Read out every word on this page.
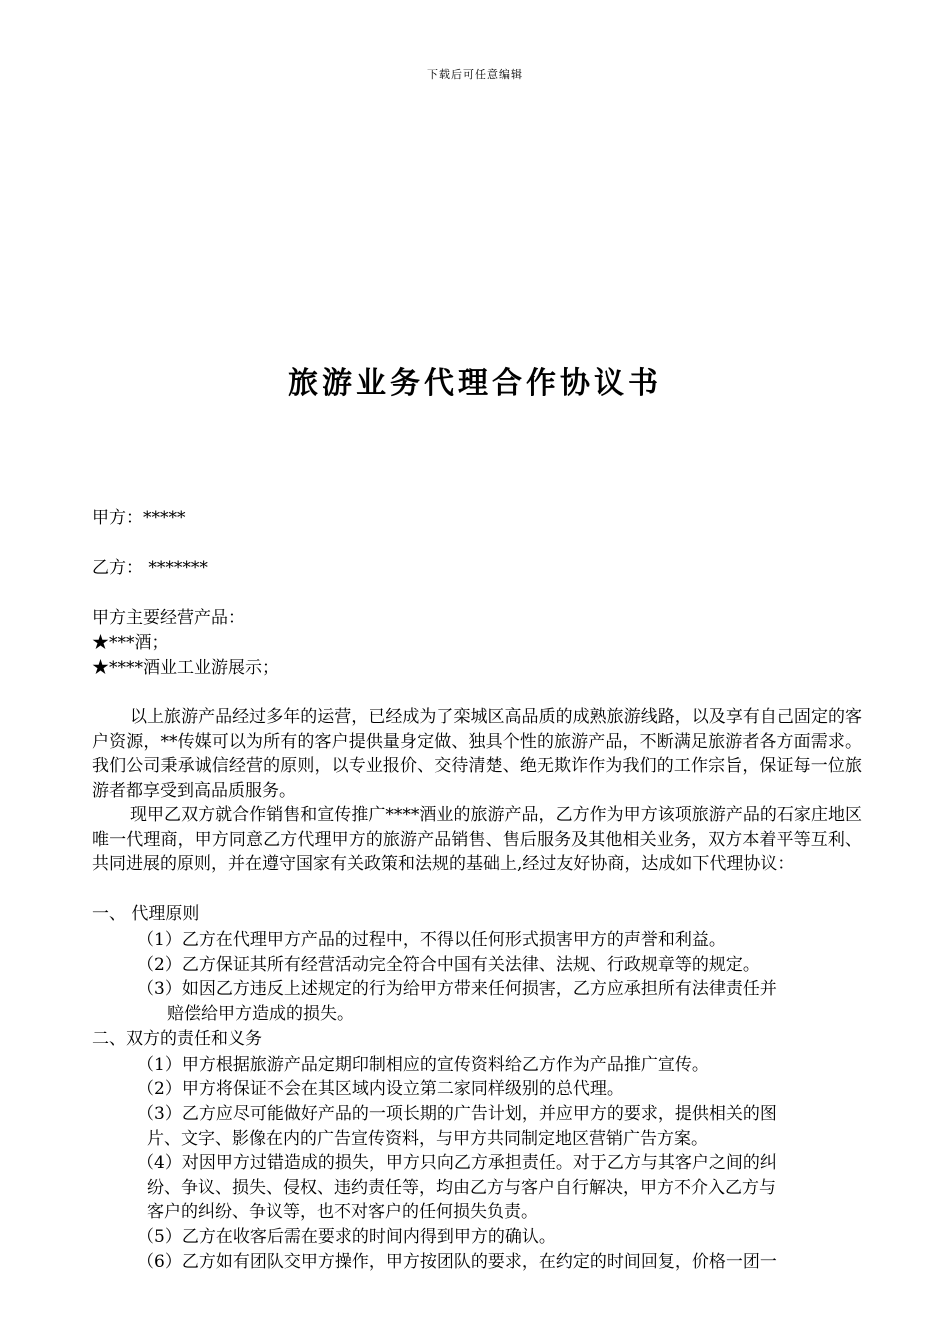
下载后可任意编辑
旅游业务代理合作协议书
甲方：*****
乙方： *******
甲方主要经营产品：
★***酒；
★****酒业工业游展示；
以上旅游产品经过多年的运营，已经成为了栾城区高品质的成熟旅游线路，以及享有自己固定的客户资源，**传媒可以为所有的客户提供量身定做、独具个性的旅游产品，不断满足旅游者各方面需求。我们公司秉承诚信经营的原则，以专业报价、交待清楚、绝无欺诈作为我们的工作宗旨，保证每一位旅游者都享受到高品质服务。
现甲乙双方就合作销售和宣传推广****酒业的旅游产品，乙方作为甲方该项旅游产品的石家庄地区唯一代理商，甲方同意乙方代理甲方的旅游产品销售、售后服务及其他相关业务，双方本着平等互利、共同进展的原则，并在遵守国家有关政策和法规的基础上,经过友好协商，达成如下代理协议：
一、 代理原则
（1）乙方在代理甲方产品的过程中，不得以任何形式损害甲方的声誉和利益。
（2）乙方保证其所有经营活动完全符合中国有关法律、法规、行政规章等的规定。
（3）如因乙方违反上述规定的行为给甲方带来任何损害，乙方应承担所有法律责任并
赔偿给甲方造成的损失。
二、双方的责任和义务
（1）甲方根据旅游产品定期印制相应的宣传资料给乙方作为产品推广宣传。
（2）甲方将保证不会在其区域内设立第二家同样级别的总代理。
（3）乙方应尽可能做好产品的一项长期的广告计划，并应甲方的要求，提供相关的图
片、文字、影像在内的广告宣传资料，与甲方共同制定地区营销广告方案。
（4）对因甲方过错造成的损失，甲方只向乙方承担责任。对于乙方与其客户之间的纠
纷、争议、损失、侵权、违约责任等，均由乙方与客户自行解决，甲方不介入乙方与
客户的纠纷、争议等，也不对客户的任何损失负责。
（5）乙方在收客后需在要求的时间内得到甲方的确认。
（6）乙方如有团队交甲方操作，甲方按团队的要求，在约定的时间回复，价格一团一
